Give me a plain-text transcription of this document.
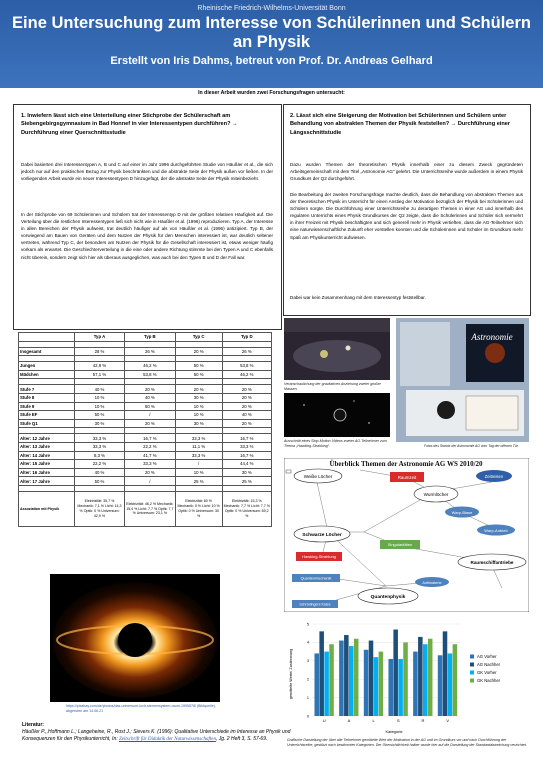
Rheinische Friedrich-Wilhelms-Universität Bonn
Eine Untersuchung zum Interesse von Schülerinnen und Schülern an Physik
Erstellt von Iris Dahms, betreut von Prof. Dr. Andreas Gelhard
In dieser Arbeit wurden zwei Forschungsfragen untersucht:
1. Inwiefern lässt sich eine Unterteilung einer Stichprobe der Schülerschaft am Siebengebirgsgymnasium in Bad Honnef in vier Interessentypen durchführen? → Durchführung einer Querschnittsstudie
Dabei basierten drei Interessentypen A, B und C auf einer im Jahr 1996 durchgeführten Studie von Häußler et al., die sich jedoch nur auf den praktischen Bezug zur Physik beschränkten und die abstrakte Seite der Physik außen vor ließen. In der vorliegenden Arbeit wurde ein neuer Interessentypen D hinzugefügt, der die abstrakte Seite der Physik miteinbezieht.
In der Stichprobe von 69 Schülerinnen und Schülern trat der Interessentyp D mit der größten relativen Häufigkeit auf. Die Verteilung über die restlichen Interessentypen ließ sich nicht wie in Häußler et al. (1996) reproduzieren. Typ A, der Interesse in allen Bereichen der Physik aufweist, trat deutlich häufiger auf als von Häußler et al. (1996) antizipiert. Typ B, der vorwiegend am Bauen von Geräten und dem Nutzen der Physik für den Menschen interessiert ist, war deutlich seltener vertreten, während Typ C, der besonders am Nutzen der Physik für die Gesellschaft interessiert ist, etwas weniger häufig vorkam als erwartet. Die Geschlechterverteilung in die eine oder andere Richtung stimmte bei den Typen A und C ebenfalls nicht überein, sondern zeigt sich hier als überaus ausgeglichen, was auch bei den Typen B und D der Fall war.
2. Lässt sich eine Steigerung der Motivation bei Schülerinnen und Schülern unter Behandlung von abstrakten Themen der Physik feststellen? → Durchführung einer Längsschnittstudie
Dazu wurden Themen der theoretischen Physik innerhalb einer zu diesem Zweck gegründeten Arbeitsgemeinschaft mit dem Titel „Astronomie AG“ gelehrt. Die Unterrichtsreihe wurde außerdem in einem Physik Grundkurs der Q2 durchgeführt.
Die Bearbeitung der zweiten Forschungsfrage machte deutlich, dass die Behandlung von abstrakten Themen aus der theoretischen Physik im Unterricht für einen Anstieg der Motivation bezüglich der Physik bei Schülerinnen und Schülern sorgte. Die Durchführung einer Unterrichtsreihe zu derartigen Themen in einer AG und innerhalb des regulären Unterrichts eines Physik Grundkurses der Q2 zeigte, dass die Schülerinnen und Schüler sich vermehrt in ihrer Freizeit mit Physik beschäftigten und sich generell mehr in Physik vertieften, dass die AG-Teilnehmer sich eine naturwissenschaftliche Zukunft eher vorstellen konnten und die Schülerinnen und Schüler im Grundkurs mehr Spaß am Physikunterricht aufwiesen.
Dabei war kein Zusammenhang mit dem Interessentyp feststellbar.
	Typ A	Typ B	Typ C	Typ D

Insgesamt	28 %	26 %	20 %	26 %

Jungen	42,9 %	46,2 %	50 %	53,8 %
Mädchen	57,1 %	53,8 %	50 %	46,2 %

Stufe 7	40 %	20 %	20 %	20 %
Stufe 8	10 %	40 %	30 %	20 %
Stufe 9	10 %	50 %	10 %	20 %
Stufe EF	50 %	/	10 %	40 %
Stufe Q1	30 %	20 %	30 %	20 %

Alter: 12 Jahre	33,3 %	16,7 %	33,3 %	16,7 %
Alter: 13 Jahre	33,3 %	22,2 %	11,1 %	33,3 %
Alter: 14 Jahre	8,3 %	41,7 %	33,3 %	16,7 %
Alter: 15 Jahre	22,2 %	33,3 %	/	44,4 %
Alter: 16 Jahre	40 %	20 %	10 %	30 %
Alter: 17 Jahre	50 %	/	25 %	25 %

Assoziation mit Physik	Elektrizität: 35,7 % Mechanik: 7,1 % Licht: 14,3 % Optik: 0 % Universum: 42,9 %	Elektrizität: 46,2 % Mechanik: 15,4 % Licht: 7,7 % Optik: 7,7 % Universum: 23,1 %	Elektrizität: 60 % Mechanik: 0 % Licht: 10 % Optik: 0 % Universum: 30 %	Elektrizität: 15,3 % Mechanik: 7,7 % Licht: 7,7 % Optik: 0 % Universum: 69,2 %
https://pixabay.com/de/photos/das-universum-loch-sternensystem-raum-1995578/ (Bildquelle), abgerufen am 14.06.21
Veranschaulichung der gravitativen Anziehung zweier großer Massen.
Ausschnitt eines Stop-Motion-Videos zweier AG-Teilnehmer zum Thema „Hawking-Strahlung“.
Astronomie
Fotos des Stands der Astronomie AG vom Tag der offenen Tür.
Überblick Themen der Astronomie AG WS 2010/20
Weiße Löcher	Raumzeit	Zeitreisen
Wurmlöcher
Schwarze Löcher
Warp-Blase
Warp-Antrieb
Hawking-Strahlung
Singularitäten
Raumschiffantriebe
Quantenmechanik
Quantenphysik
Antimaterie
Schrödingers Katze
U	A	L	S	R	V
0
1
2
3
4
5
AG Vorher
AG Nachher
GK Vorher
GK Nachher
Kategorie
gemittelte Werte/ Zustimmung
Grafische Darstellung der über alle Teilnehmer gemittelte Wert der Motivation in der AG und im Grundkurs vor und nach Durchführung der Unterrichtsreihe, gestützt nach bestimmten Kategorien. Der Übersichtlichkeit halber wurde hier auf die Darstellung der Standardabweichung verzichtet.
Literatur:
Häußler P.,,Hoffmann L.; Langeheine, R., Rost J.; Sievers K. (1996): Qualitative Unterschiede im Interesse an Physik und Konsequenzen für den Physikunterricht, In: Zeitschrift für Didaktik der Naturwissenschaften, Jg. 2 Heft 3, S. 57-69.
